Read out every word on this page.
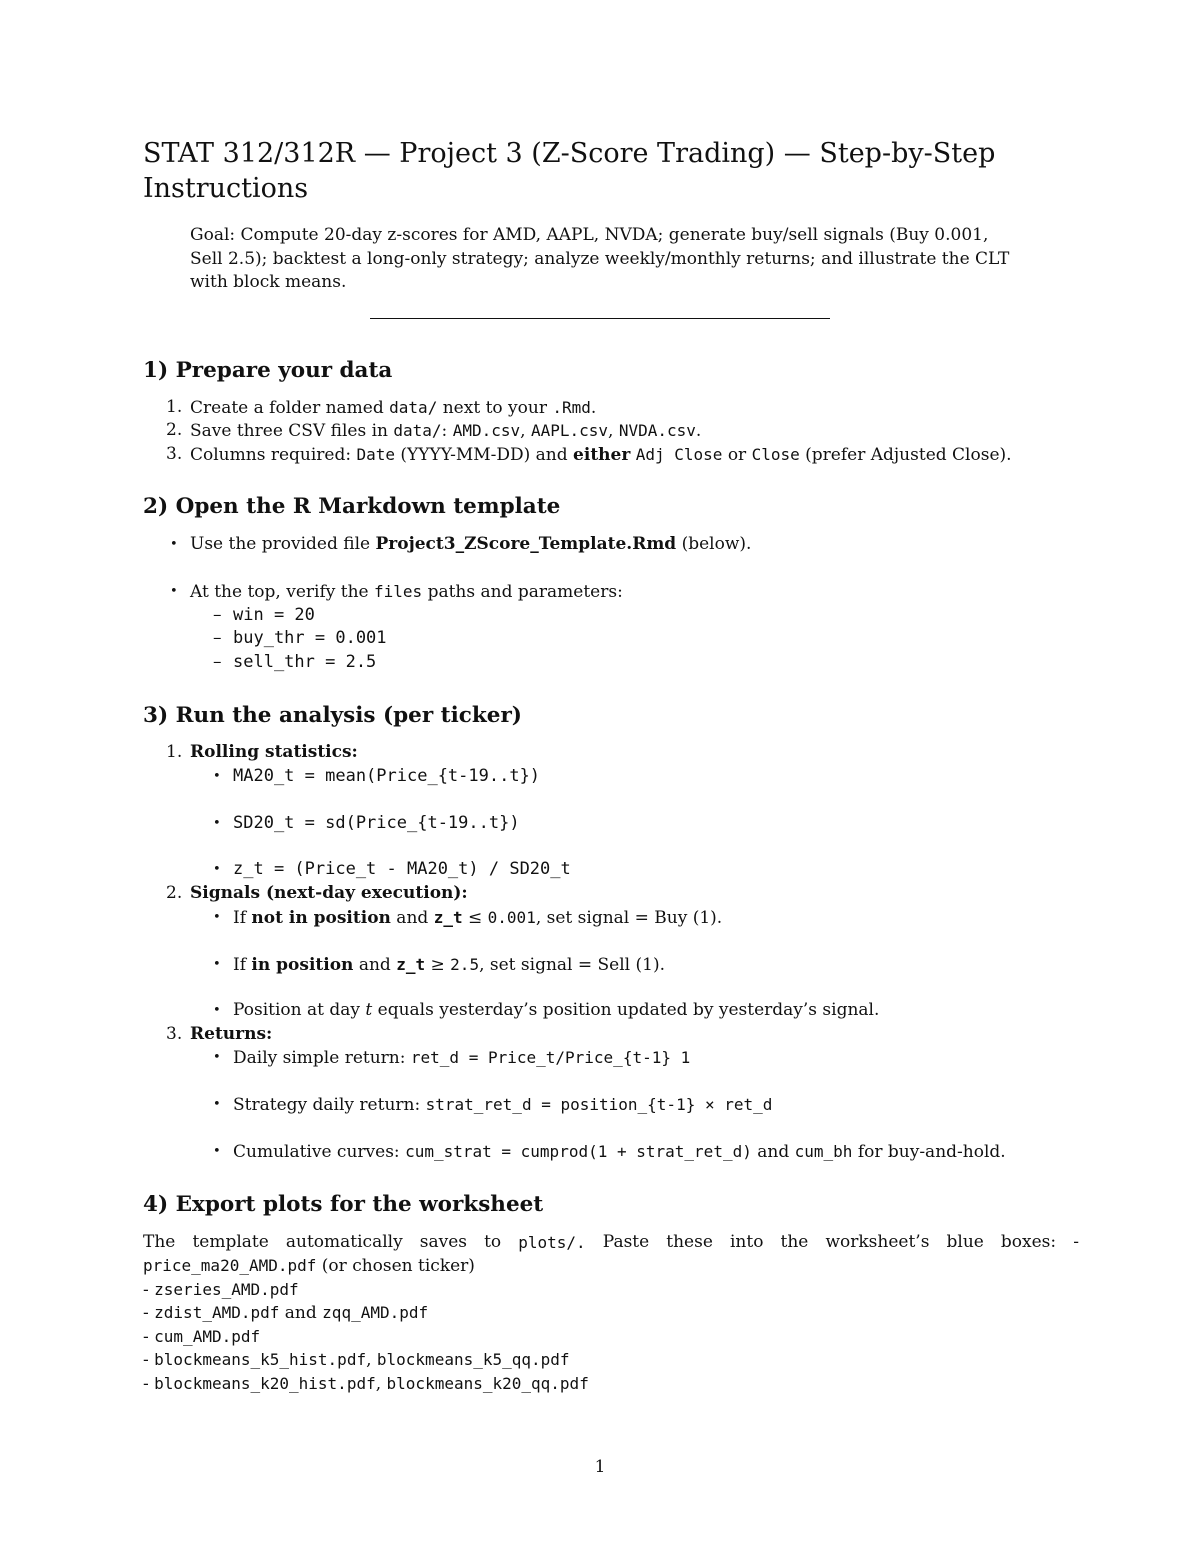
STAT 312/312R — Project 3 (Z-Score Trading) — Step-by-Step Instructions

Goal: Compute 20-day z-scores for AMD, AAPL, NVDA; generate buy/sell signals (Buy 0.001,
Sell 2.5); backtest a long-only strategy; analyze weekly/monthly returns; and illustrate the CLT
with block means.

1) Prepare your data
1. Create a folder named data/ next to your .Rmd.
2. Save three CSV files in data/: AMD.csv, AAPL.csv, NVDA.csv.
3. Columns required: Date (YYYY-MM-DD) and either Adj Close or Close (prefer Adjusted Close).
2) Open the R Markdown template
• Use the provided file Project3_ZScore_Template.Rmd (below).
• At the top, verify the files paths and parameters:
– win = 20
– buy_thr = 0.001
– sell_thr = 2.5
3) Run the analysis (per ticker)
1. Rolling statistics:
• MA20_t = mean(Price_{t-19..t})
• SD20_t = sd(Price_{t-19..t})
• z_t = (Price_t - MA20_t) / SD20_t
2. Signals (next-day execution):
• If not in position and z_t ≤ 0.001, set signal = Buy (1).
• If in position and z_t ≥ 2.5, set signal = Sell (1).
• Position at day t equals yesterday’s position updated by yesterday’s signal.
3. Returns:
• Daily simple return: ret_d = Price_t/Price_{t-1} 1
• Strategy daily return: strat_ret_d = position_{t-1} × ret_d
• Cumulative curves: cum_strat = cumprod(1 + strat_ret_d) and cum_bh for buy-and-hold.
4) Export plots for the worksheet
The template automatically saves to plots/. Paste these into the worksheet’s blue boxes: -
price_ma20_AMD.pdf (or chosen ticker)
- zseries_AMD.pdf
- zdist_AMD.pdf and zqq_AMD.pdf
- cum_AMD.pdf
- blockmeans_k5_hist.pdf, blockmeans_k5_qq.pdf
- blockmeans_k20_hist.pdf, blockmeans_k20_qq.pdf
1
